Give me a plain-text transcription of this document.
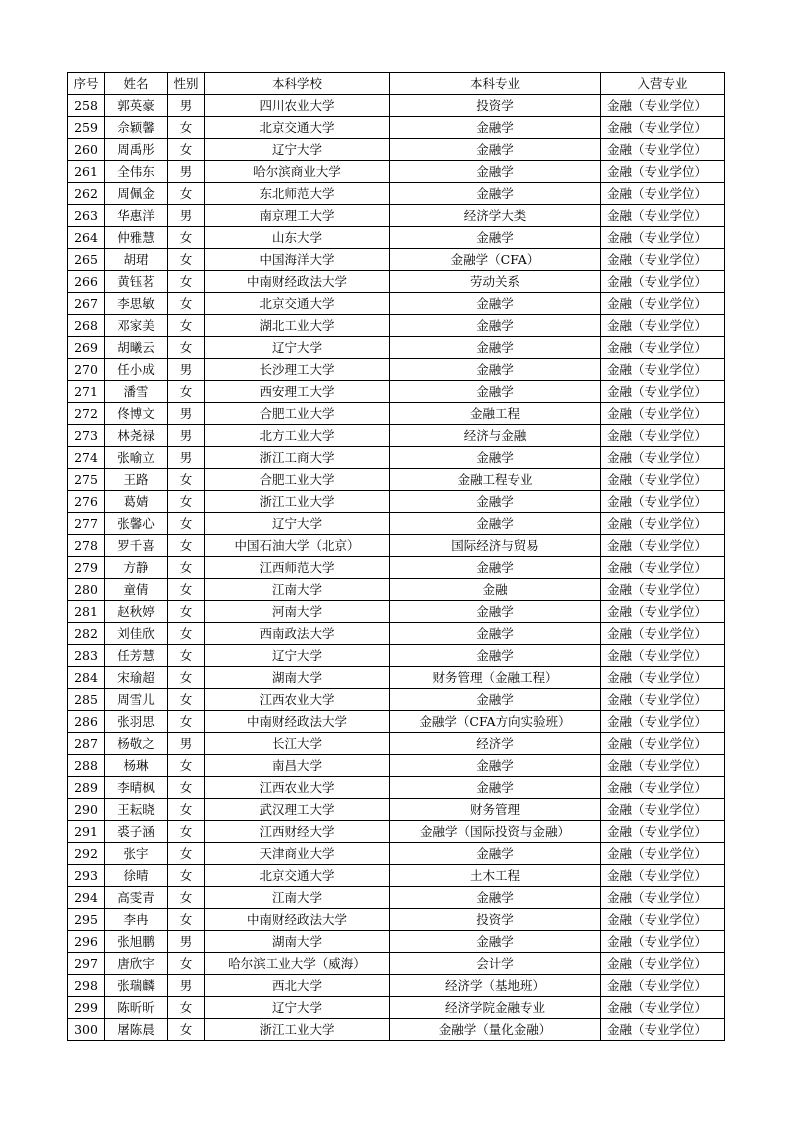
序号	姓名	性别	本科学校	本科专业	入营专业
258	郭英豪	男	四川农业大学	投资学	金融（专业学位）
259	佘颖馨	女	北京交通大学	金融学	金融（专业学位）
260	周禹彤	女	辽宁大学	金融学	金融（专业学位）
261	全伟东	男	哈尔滨商业大学	金融学	金融（专业学位）
262	周佩金	女	东北师范大学	金融学	金融（专业学位）
263	华惠洋	男	南京理工大学	经济学大类	金融（专业学位）
264	仲雅慧	女	山东大学	金融学	金融（专业学位）
265	胡珺	女	中国海洋大学	金融学（CFA）	金融（专业学位）
266	黄钰茗	女	中南财经政法大学	劳动关系	金融（专业学位）
267	李思敏	女	北京交通大学	金融学	金融（专业学位）
268	邓家美	女	湖北工业大学	金融学	金融（专业学位）
269	胡曦云	女	辽宁大学	金融学	金融（专业学位）
270	任小成	男	长沙理工大学	金融学	金融（专业学位）
271	潘雪	女	西安理工大学	金融学	金融（专业学位）
272	佟博文	男	合肥工业大学	金融工程	金融（专业学位）
273	林尧禄	男	北方工业大学	经济与金融	金融（专业学位）
274	张喻立	男	浙江工商大学	金融学	金融（专业学位）
275	王路	女	合肥工业大学	金融工程专业	金融（专业学位）
276	葛婧	女	浙江工业大学	金融学	金融（专业学位）
277	张馨心	女	辽宁大学	金融学	金融（专业学位）
278	罗千喜	女	中国石油大学（北京）	国际经济与贸易	金融（专业学位）
279	方静	女	江西师范大学	金融学	金融（专业学位）
280	童倩	女	江南大学	金融	金融（专业学位）
281	赵秋婷	女	河南大学	金融学	金融（专业学位）
282	刘佳欣	女	西南政法大学	金融学	金融（专业学位）
283	任芳慧	女	辽宁大学	金融学	金融（专业学位）
284	宋瑜超	女	湖南大学	财务管理（金融工程）	金融（专业学位）
285	周雪儿	女	江西农业大学	金融学	金融（专业学位）
286	张羽思	女	中南财经政法大学	金融学（CFA方向实验班）	金融（专业学位）
287	杨敬之	男	长江大学	经济学	金融（专业学位）
288	杨琳	女	南昌大学	金融学	金融（专业学位）
289	李晴枫	女	江西农业大学	金融学	金融（专业学位）
290	王耘晓	女	武汉理工大学	财务管理	金融（专业学位）
291	裘子涵	女	江西财经大学	金融学（国际投资与金融）	金融（专业学位）
292	张宇	女	天津商业大学	金融学	金融（专业学位）
293	徐晴	女	北京交通大学	土木工程	金融（专业学位）
294	高雯青	女	江南大学	金融学	金融（专业学位）
295	李冉	女	中南财经政法大学	投资学	金融（专业学位）
296	张旭鹏	男	湖南大学	金融学	金融（专业学位）
297	唐欣宇	女	哈尔滨工业大学（威海）	会计学	金融（专业学位）
298	张瑞麟	男	西北大学	经济学（基地班）	金融（专业学位）
299	陈昕昕	女	辽宁大学	经济学院金融专业	金融（专业学位）
300	屠陈晨	女	浙江工业大学	金融学（量化金融）	金融（专业学位）
